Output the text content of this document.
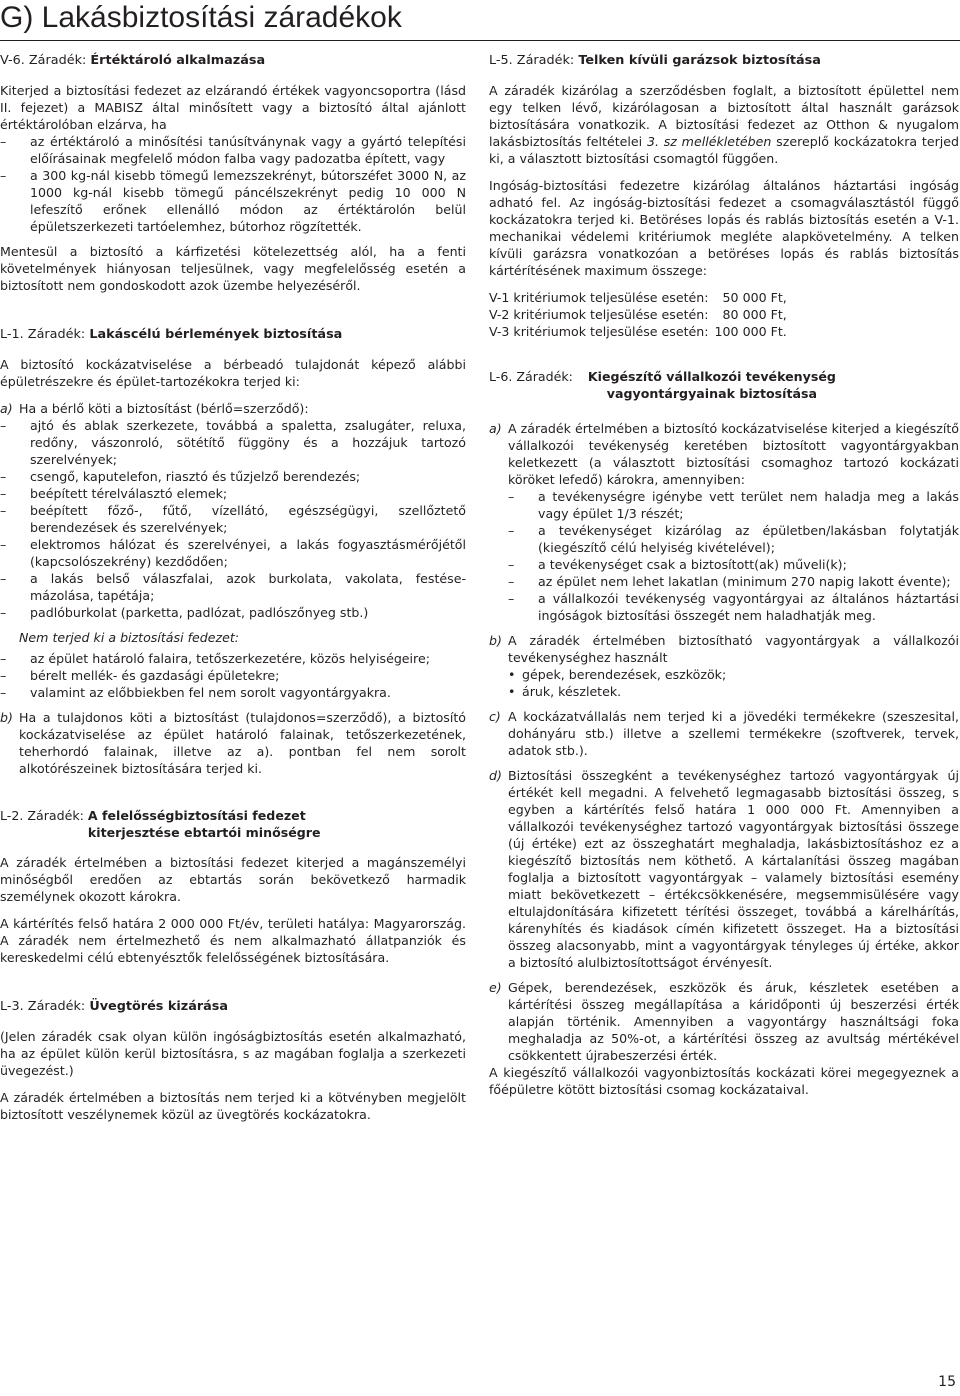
G) Lakásbiztosítási záradékok
V-6. Záradék: Értéktároló alkalmazása

Kiterjed a biztosítási fedezet az elzárandó értékek vagyoncsoportra (lásd II. fejezet) a MABISZ által minősített vagy a biztosító által ajánlott értéktárolóban elzárva, ha

– az értéktároló a minősítési tanúsítványnak vagy a gyártó telepítési előírásainak megfelelő módon falba vagy padozatba épített, vagy
– a 300 kg-nál kisebb tömegű lemezszekrényt, bútorszéfet 3000 N, az 1000 kg-nál kisebb tömegű páncélszekrényt pedig 10 000 N lefeszítő erőnek ellenálló módon az értéktárolón belül épületszerkezeti tartóelemhez, bútorhoz rögzítették.

Mentesül a biztosító a kárfizetési kötelezettség alól, ha a fenti követelmények hiányosan teljesülnek, vagy megfelelősség esetén a biztosított nem gondoskodott azok üzembe helyezéséről.

L-1. Záradék: Lakáscélú bérlemények biztosítása

A biztosító kockázatviselése a bérbeadó tulajdonát képező alábbi épületrészekre és épület-tartozékokra terjed ki:

a) Ha a bérlő köti a biztosítást (bérlő=szerződő):
– ajtó és ablak szerkezete, továbbá a spaletta, zsalugáter, reluxa, redőny, vászonroló, sötétítő függöny és a hozzájuk tartozó szerelvények;
– csengő, kaputelefon, riasztó és tűzjelző berendezés;
– beépített térelválasztó elemek;
– beépített főző-, fűtő, vízellátó, egészségügyi, szellőztető berendezések és szerelvények;
– elektromos hálózat és szerelvényei, a lakás fogyasztásmérőjétől (kapcsolószekrény) kezdődően;
– a lakás belső válaszfalai, azok burkolata, vakolata, festése-mázolása, tapétája;
– padlóburkolat (parketta, padlózat, padlószőnyeg stb.)

Nem terjed ki a biztosítási fedezet:

– az épület határoló falaira, tetőszerkezetére, közös helyiségeire;
– bérelt mellék- és gazdasági épületekre;
– valamint az előbbiekben fel nem sorolt vagyontárgyakra.
b) Ha a tulajdonos köti a biztosítást (tulajdonos=szerződő), a biztosító kockázatviselése az épület határoló falainak, tetőszerkezetének, teherhordó falainak, illetve az a). pontban fel nem sorolt alkotórészeinek biztosítására terjed ki.
L-2. Záradék: A felelősségbiztosítási fedezet kiterjesztése ebtartói minőségre

A záradék értelmében a biztosítási fedezet kiterjed a magánszemélyi minőségből eredően az ebtartás során bekövetkező harmadik személynek okozott károkra.

A kártérítés felső határa 2 000 000 Ft/év, területi hatálya: Magyarország. A záradék nem értelmezhető és nem alkalmazható állatpanziók és kereskedelmi célú ebtenyésztők felelősségének biztosítására.

L-3. Záradék: Üvegtörés kizárása

(Jelen záradék csak olyan külön ingóságbiztosítás esetén alkalmazható, ha az épület külön kerül biztosításra, s az magában foglalja a szerkezeti üvegezést.)

A záradék értelmében a biztosítás nem terjed ki a kötvényben megjelölt biztosított veszélynemek közül az üvegtörés kockázatokra.

L-5. Záradék: Telken kívüli garázsok biztosítása

A záradék kizárólag a szerződésben foglalt, a biztosított épülettel nem egy telken lévő, kizárólagosan a biztosított által használt garázsok biztosítására vonatkozik. A biztosítási fedezet az Otthon & nyugalom lakásbiztosítás feltételei 3. sz mellékletében szereplő kockázatokra terjed ki, a választott biztosítási csomagtól függően.

Ingóság-biztosítási fedezetre kizárólag általános háztartási ingóság adható fel. Az ingóság-biztosítási fedezet a csomagválasztástól függő kockázatokra terjed ki. Betöréses lopás és rablás biztosítás esetén a V-1. mechanikai védelemi kritériumok megléte alapkövetelmény. A telken kívüli garázsra vonatkozóan a betöréses lopás és rablás biztosítás kártérítésének maximum összege:

V-1 kritériumok teljesülése esetén:	50 000 Ft,
V-2 kritériumok teljesülése esetén:	80 000 Ft,
V-3 kritériumok teljesülése esetén:	100 000 Ft.
L-6. Záradék: Kiegészítő vállalkozói tevékenység vagyontárgyainak biztosítása
a) A záradék értelmében a biztosító kockázatviselése kiterjed a kiegészítő vállalkozói tevékenység keretében biztosított vagyontárgyakban keletkezett (a választott biztosítási csomaghoz tartozó kockázati köröket lefedő) károkra, amennyiben:
– a tevékenységre igénybe vett terület nem haladja meg a lakás vagy épület 1/3 részét;
– a tevékenységet kizárólag az épületben/lakásban folytatják (kiegészítő célú helyiség kivételével);
– a tevékenységet csak a biztosított(ak) műveli(k);
– az épület nem lehet lakatlan (minimum 270 napig lakott évente);
– a vállalkozói tevékenység vagyontárgyai az általános háztartási ingóságok biztosítási összegét nem haladhatják meg.
b) A záradék értelmében biztosítható vagyontárgyak a vállalkozói tevékenységhez használt
• gépek, berendezések, eszközök;
• áruk, készletek.
c) A kockázatvállalás nem terjed ki a jövedéki termékekre (szeszesital, dohányáru stb.) illetve a szellemi termékekre (szoftverek, tervek, adatok stb.).
d) Biztosítási összegként a tevékenységhez tartozó vagyontárgyak új értékét kell megadni. A felvehető legmagasabb biztosítási összeg, s egyben a kártérítés felső határa 1 000 000 Ft. Amennyiben a vállalkozói tevékenységhez tartozó vagyontárgyak biztosítási összege (új értéke) ezt az összeghatárt meghaladja, lakásbiztosításhoz ez a kiegészítő biztosítás nem köthető. A kártalanítási összeg magában foglalja a biztosított vagyontárgyak – valamely biztosítási esemény miatt bekövetkezett – értékcsökkenésére, megsemmisülésére vagy eltulajdonítására kifizetett térítési összeget, továbbá a kárelhárítás, kárenyhítés és kiadások címén kifizetett összeget. Ha a biztosítási összeg alacsonyabb, mint a vagyontárgyak tényleges új értéke, akkor a biztosító alulbiztosítottságot érvényesít.
e) Gépek, berendezések, eszközök és áruk, készletek esetében a kártérítési összeg megállapítása a káridőponti új beszerzési érték alapján történik. Amennyiben a vagyontárgy használtsági foka meghaladja az 50%-ot, a kártérítési összeg az avultság mértékével csökkentett újrabeszerzési érték.

A kiegészítő vállalkozói vagyonbiztosítás kockázati körei megegyeznek a főépületre kötött biztosítási csomag kockázataival.

15
